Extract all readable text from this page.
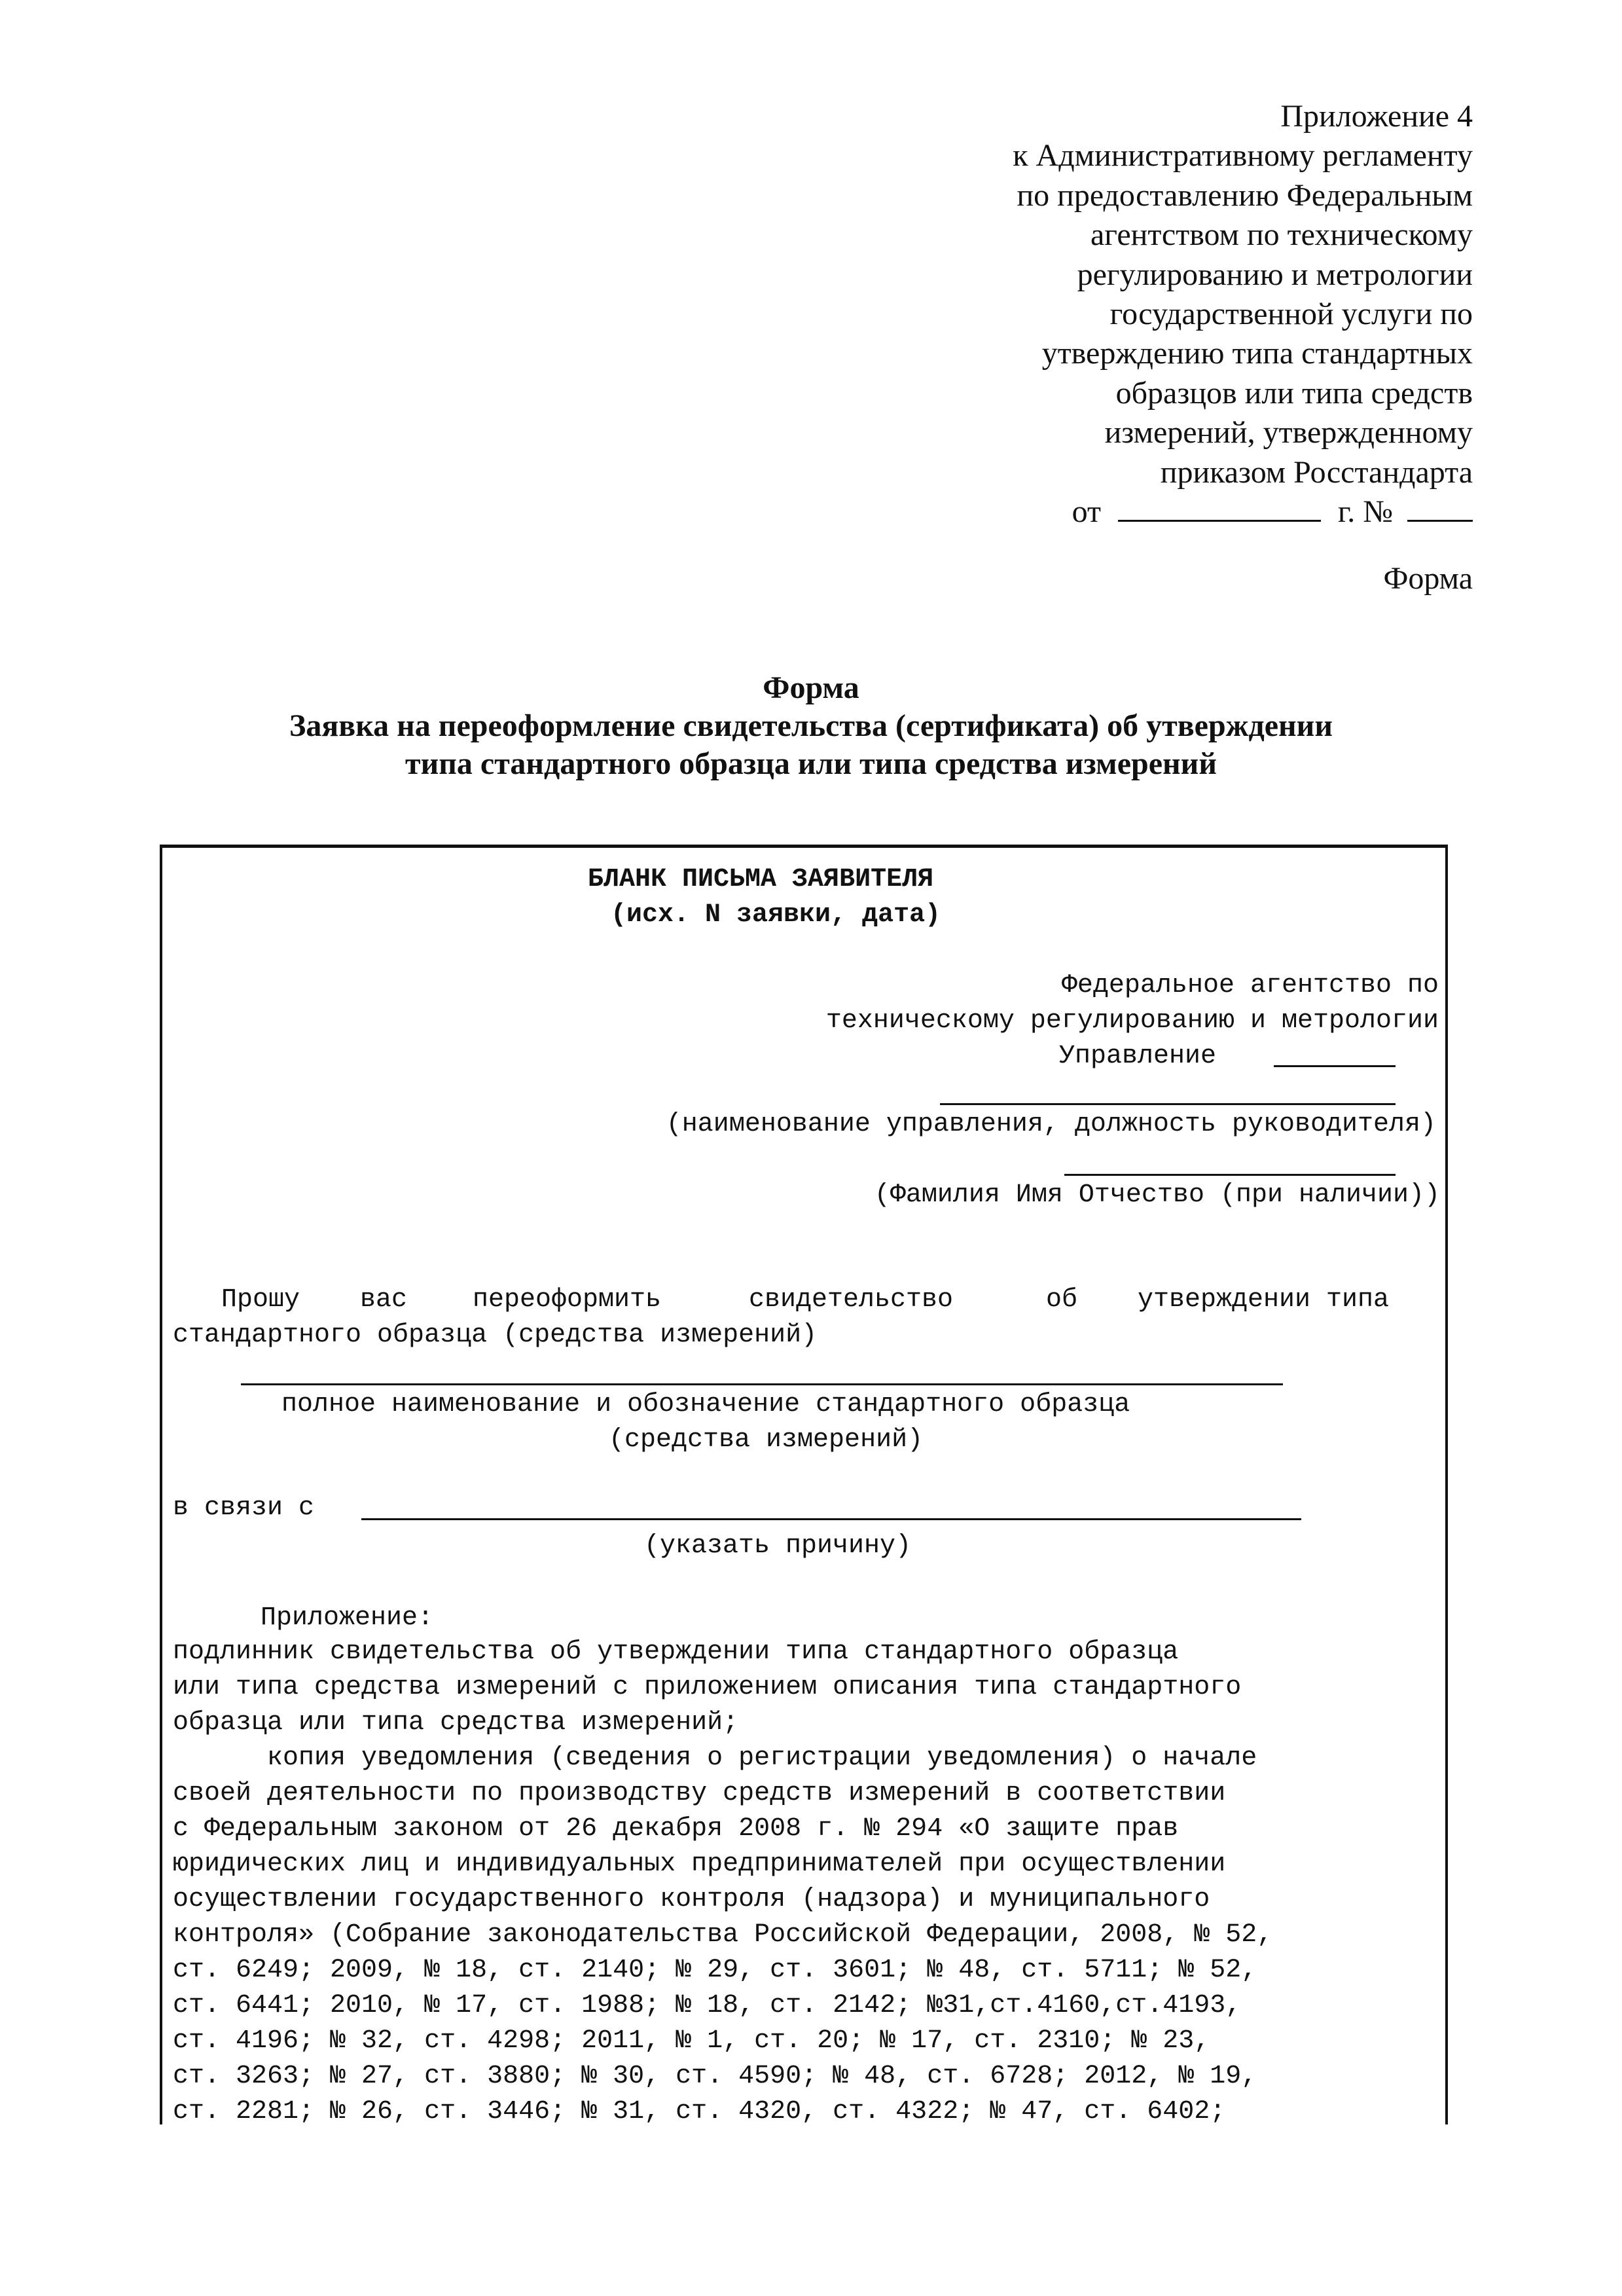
Приложение 4
к Административному регламенту
по предоставлению Федеральным
агентством по техническому
регулированию и метрологии
государственной услуги по
утверждению типа стандартных
образцов или типа средств
измерений, утвержденному
приказом Росстандарта
от	г. №
Форма
Форма
Заявка на переоформление свидетельства (сертификата) об утверждении
типа стандартного образца или типа средства измерений
БЛАНК ПИСЬМА ЗАЯВИТЕЛЯ
(исх. N заявки, дата)
Федеральное агентство по
техническому регулированию и метрологии
Управление
(наименование управления, должность руководителя)
(Фамилия Имя Отчество (при наличии))
Прошу вас переоформить	свидетельство	об утверждении типа
стандартного образца (средства измерений)
полное наименование и обозначение стандартного образца
(средства измерений)
в связи с
(указать причину)
Приложение:
подлинник свидетельства об утверждении типа стандартного образца
или типа средства измерений с приложением описания типа стандартного
образца или типа средства измерений;
копия уведомления (сведения о регистрации уведомления) о начале
своей деятельности по производству средств измерений в соответствии
с Федеральным законом от 26 декабря 2008 г. № 294 «О защите прав
юридических лиц и индивидуальных предпринимателей при осуществлении
осуществлении государственного контроля (надзора) и муниципального
контроля» (Собрание законодательства Российской Федерации, 2008, № 52,
ст. 6249; 2009, № 18, ст. 2140; № 29, ст. 3601; № 48, ст. 5711; № 52,
ст. 6441; 2010, № 17, ст. 1988; № 18, ст. 2142; №31,ст.4160,ст.4193,
ст. 4196; № 32, ст. 4298; 2011, № 1, ст. 20; № 17, ст. 2310; № 23,
ст. 3263; № 27, ст. 3880; № 30, ст. 4590; № 48, ст. 6728; 2012, № 19,
ст. 2281; № 26, ст. 3446; № 31, ст. 4320, ст. 4322; № 47, ст. 6402;
